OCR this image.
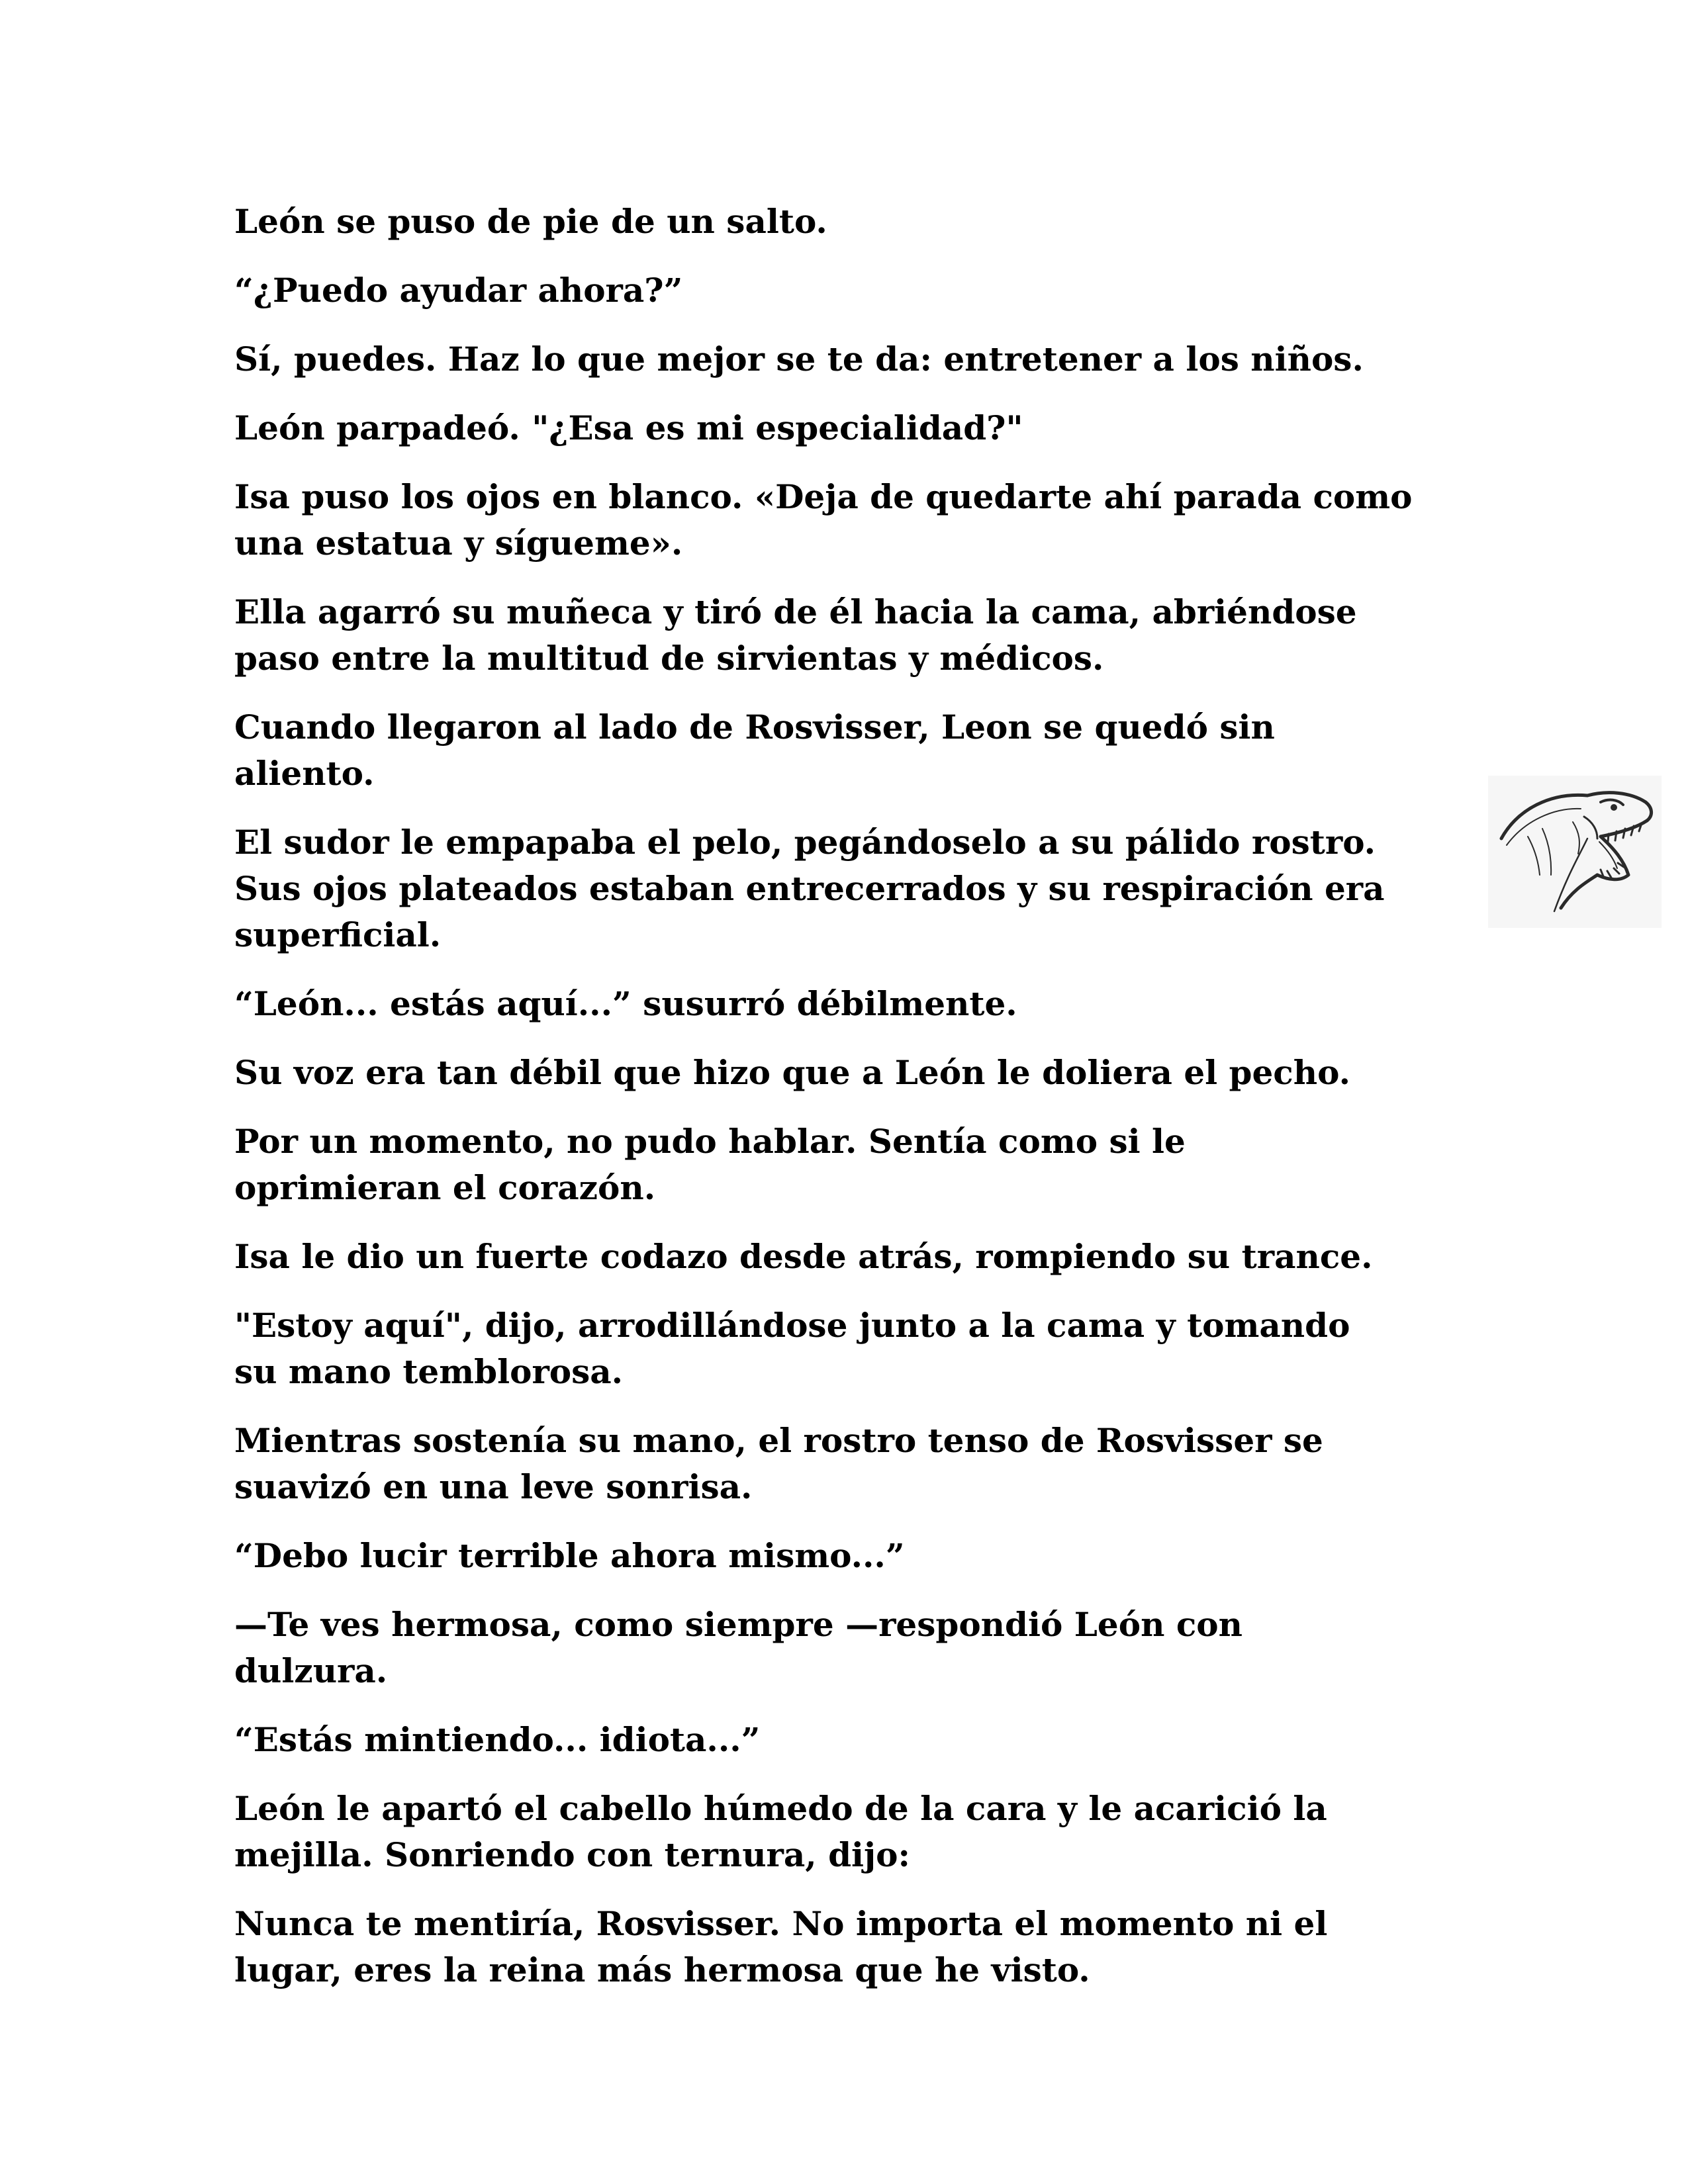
León se puso de pie de un salto.

“¿Puedo ayudar ahora?”

Sí, puedes. Haz lo que mejor se te da: entretener a los niños.

León parpadeó. "¿Esa es mi especialidad?"

Isa puso los ojos en blanco. «Deja de quedarte ahí parada como
una estatua y sígueme».

Ella agarró su muñeca y tiró de él hacia la cama, abriéndose
paso entre la multitud de sirvientas y médicos.

Cuando llegaron al lado de Rosvisser, Leon se quedó sin
aliento.

El sudor le empapaba el pelo, pegándoselo a su pálido rostro.
Sus ojos plateados estaban entrecerrados y su respiración era
superficial.

“León... estás aquí...” susurró débilmente.

Su voz era tan débil que hizo que a León le doliera el pecho.

Por un momento, no pudo hablar. Sentía como si le
oprimieran el corazón.

Isa le dio un fuerte codazo desde atrás, rompiendo su trance.

"Estoy aquí", dijo, arrodillándose junto a la cama y tomando
su mano temblorosa.

Mientras sostenía su mano, el rostro tenso de Rosvisser se
suavizó en una leve sonrisa.

“Debo lucir terrible ahora mismo...”

—Te ves hermosa, como siempre —respondió León con
dulzura.

“Estás mintiendo... idiota...”

León le apartó el cabello húmedo de la cara y le acarició la
mejilla. Sonriendo con ternura, dijo:

Nunca te mentiría, Rosvisser. No importa el momento ni el
lugar, eres la reina más hermosa que he visto.
